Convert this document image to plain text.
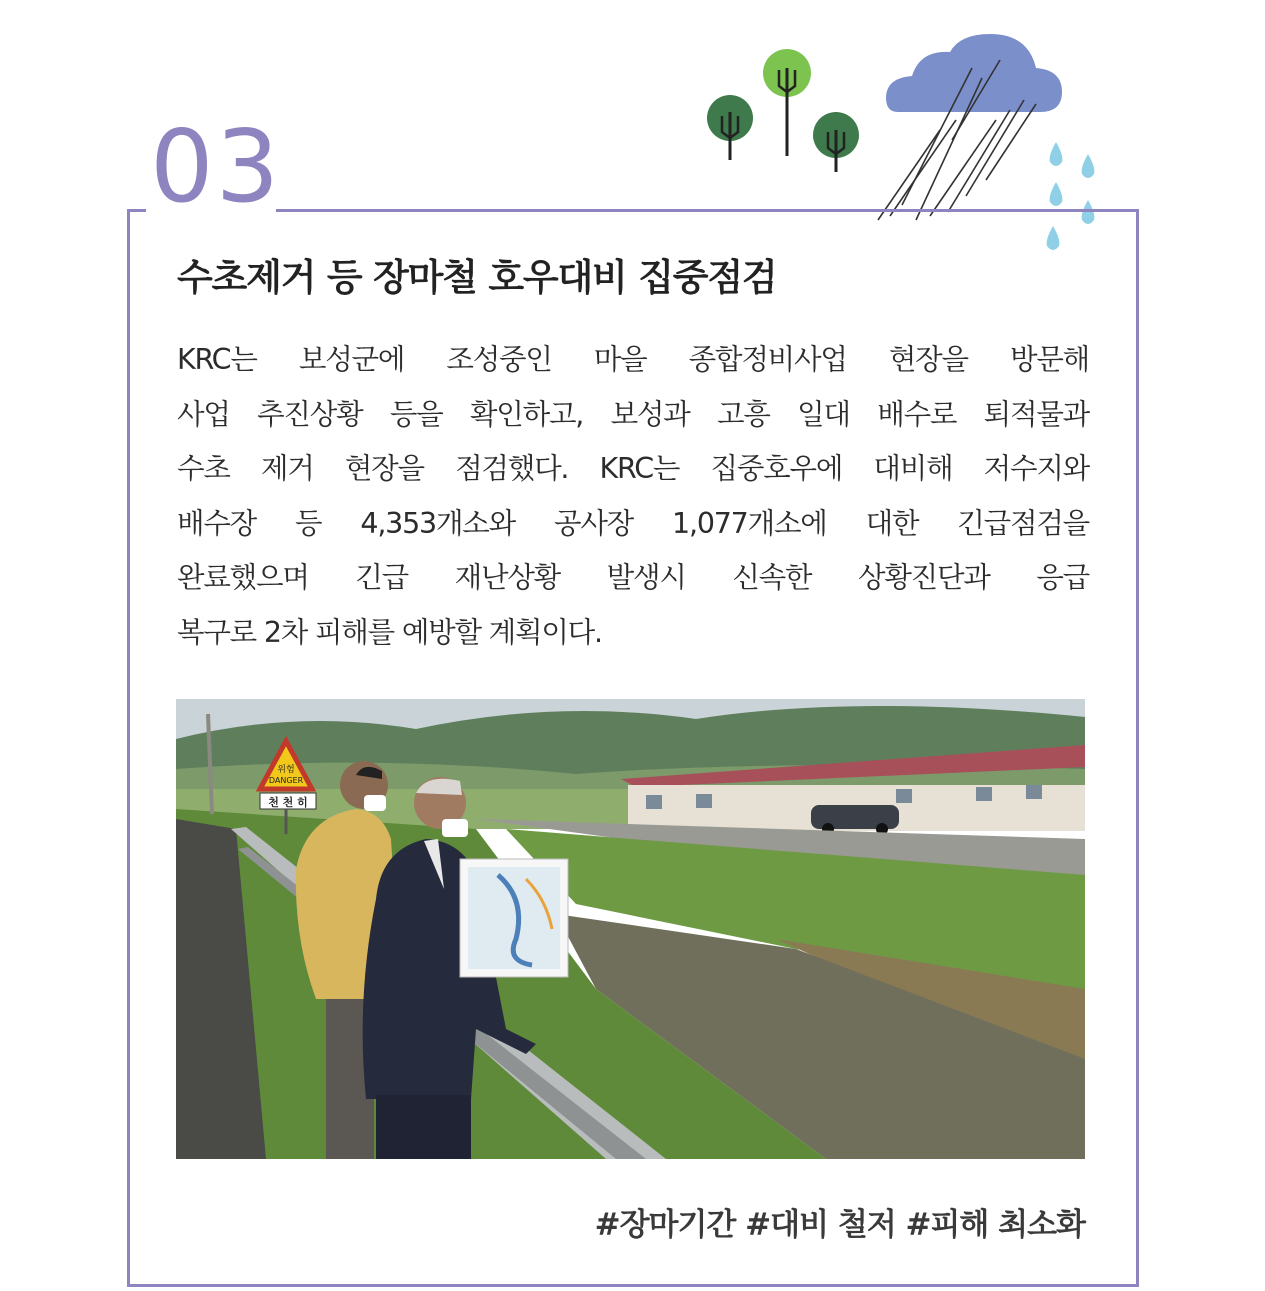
03
수초제거 등 장마철 호우대비 집중점검
KRC는 보성군에 조성중인 마을 종합정비사업 현장을 방문해
사업 추진상황 등을 확인하고, 보성과 고흥 일대 배수로 퇴적물과
수초 제거 현장을 점검했다. KRC는 집중호우에 대비해 저수지와
배수장 등 4,353개소와 공사장 1,077개소에 대한 긴급점검을
완료했으며 긴급 재난상황 발생시 신속한 상황진단과 응급
복구로 2차 피해를 예방할 계획이다.
위험
DANGER
천 천 히
#장마기간 #대비 철저 #피해 최소화
